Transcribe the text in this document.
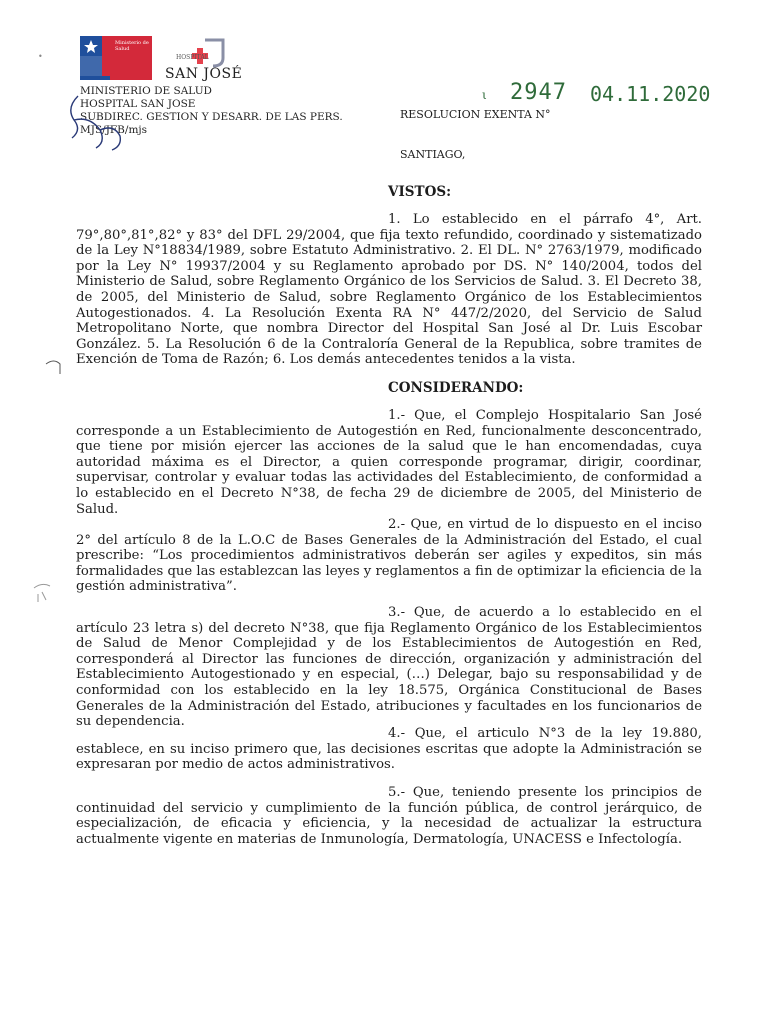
•
Ministerio de Salud
HOSPITAL
SAN JOSÉ
MINISTERIO DE SALUD
HOSPITAL SAN JOSE
SUBDIREC. GESTION Y DESARR. DE LAS PERS.
MJS/JFB/mjs
ι 2947 04.11.2020
RESOLUCION EXENTA N°
SANTIAGO,
VISTOS:

1. Lo establecido en el párrafo 4°, Art. 79°,80°,81°,82° y 83° del DFL 29/2004, que fija texto refundido, coordinado y sistematizado de la Ley N°18834/1989, sobre Estatuto Administrativo. 2. El DL. N° 2763/1979, modificado por la Ley N° 19937/2004 y su Reglamento aprobado por DS. N° 140/2004, todos del Ministerio de Salud, sobre Reglamento Orgánico de los Servicios de Salud. 3. El Decreto 38, de 2005, del Ministerio de Salud, sobre Reglamento Orgánico de los Establecimientos Autogestionados. 4. La Resolución Exenta RA N° 447/2/2020, del Servicio de Salud Metropolitano Norte, que nombra Director del Hospital San José al Dr. Luis Escobar González. 5. La Resolución 6 de la Contraloría General de la Republica, sobre tramites de Exención de Toma de Razón; 6. Los demás antecedentes tenidos a la vista.

CONSIDERANDO:

1.- Que, el Complejo Hospitalario San José corresponde a un Establecimiento de Autogestión en Red, funcionalmente desconcentrado, que tiene por misión ejercer las acciones de la salud que le han encomendadas, cuya autoridad máxima es el Director, a quien corresponde programar, dirigir, coordinar, supervisar, controlar y evaluar todas las actividades del Establecimiento, de conformidad a lo establecido en el Decreto N°38, de fecha 29 de diciembre de 2005, del Ministerio de Salud.

2.- Que, en virtud de lo dispuesto en el inciso 2° del artículo 8 de la L.O.C de Bases Generales de la Administración del Estado, el cual prescribe: “Los procedimientos administrativos deberán ser agiles y expeditos, sin más formalidades que las establezcan las leyes y reglamentos a fin de optimizar la eficiencia de la gestión administrativa”.

3.- Que, de acuerdo a lo establecido en el artículo 23 letra s) del decreto N°38, que fija Reglamento Orgánico de los Establecimientos de Salud de Menor Complejidad y de los Establecimientos de Autogestión en Red, corresponderá al Director las funciones de dirección, organización y administración del Establecimiento Autogestionado y en especial, (…) Delegar, bajo su responsabilidad y de conformidad con los establecido en la ley 18.575, Orgánica Constitucional de Bases Generales de la Administración del Estado, atribuciones y facultades en los funcionarios de su dependencia.

4.- Que, el articulo N°3 de la ley 19.880, establece, en su inciso primero que, las decisiones escritas que adopte la Administración se expresaran por medio de actos administrativos.

5.- Que, teniendo presente los principios de continuidad del servicio y cumplimiento de la función pública, de control jerárquico, de especialización, de eficacia y eficiencia, y la necesidad de actualizar la estructura actualmente vigente en materias de Inmunología, Dermatología, UNACESS e Infectología.
